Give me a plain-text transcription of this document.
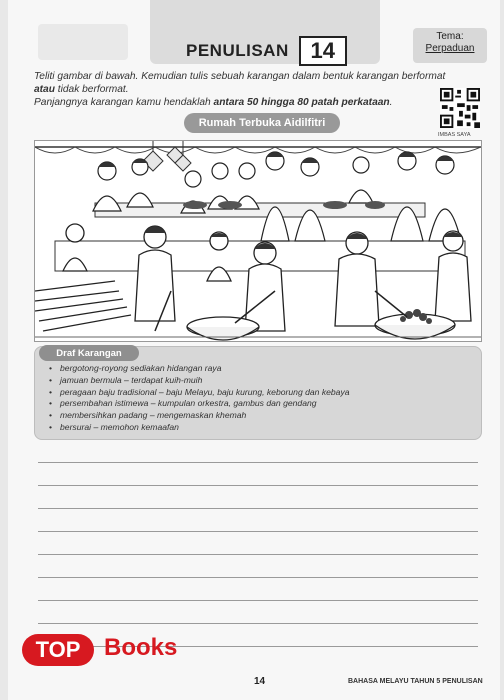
PENULISAN 14
Tema:
Perpaduan
Teliti gambar di bawah. Kemudian tulis sebuah karangan dalam bentuk karangan berformat
atau tidak berformat.
Panjangnya karangan kamu hendaklah antara 50 hingga 80 patah perkataan.
IMBAS SAYA
Rumah Terbuka Aidilfitri
Draf Karangan
• bergotong-royong sediakan hidangan raya
• jamuan bermula – terdapat kuih-muih
• peragaan baju tradisional – baju Melayu, baju kurung, keborung dan kebaya
• persembahan istimewa – kumpulan orkestra, gambus dan gendang
• membersihkan padang – mengemaskan khemah
• bersurai – memohon kemaafan
TOP Books
14	BAHASA MELAYU TAHUN 5 PENULISAN
